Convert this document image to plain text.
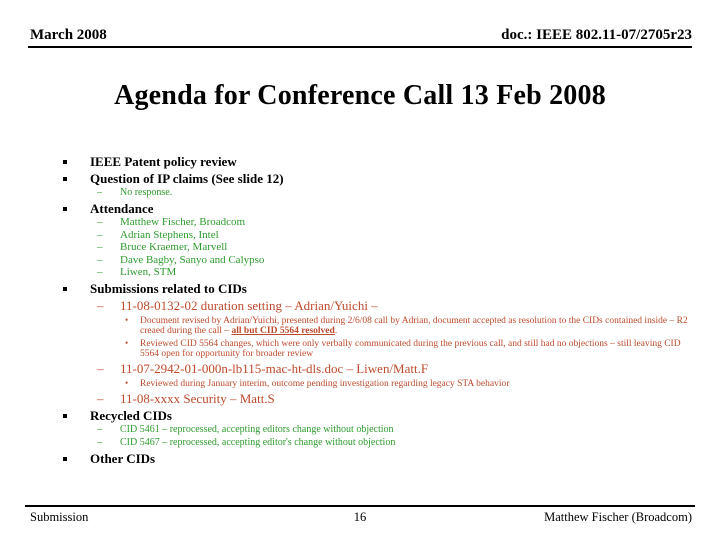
March 2008	doc.: IEEE 802.11-07/2705r23
Agenda for Conference Call 13 Feb 2008
IEEE Patent policy review
Question of IP claims (See slide 12)
– No response.
Attendance
– Matthew Fischer, Broadcom
– Adrian Stephens, Intel
– Bruce Kraemer, Marvell
– Dave Bagby, Sanyo and Calypso
– Liwen, STM
Submissions related to CIDs
– 11-08-0132-02 duration setting – Adrian/Yuichi –
• Document revised by Adrian/Yuichi, presented during 2/6/08 call by Adrian, document accepted as resolution to the CIDs contained inside – R2 creaed during the call – all but CID 5564 resolved.
• Reviewed CID 5564 changes, which were only verbally communicated during the previous call, and still had no objections – still leaving CID 5564 open for opportunity for broader review
– 11-07-2942-01-000n-lb115-mac-ht-dls.doc – Liwen/Matt.F
• Reviewed during January interim, outcome pending investigation regarding legacy STA behavior
– 11-08-xxxx Security – Matt.S
Recycled CIDs
– CID 5461 – reprocessed, accepting editors change without objection
– CID 5467 – reprocessed, accepting editor's change without objection
Other CIDs
Submission	16	Matthew Fischer (Broadcom)
